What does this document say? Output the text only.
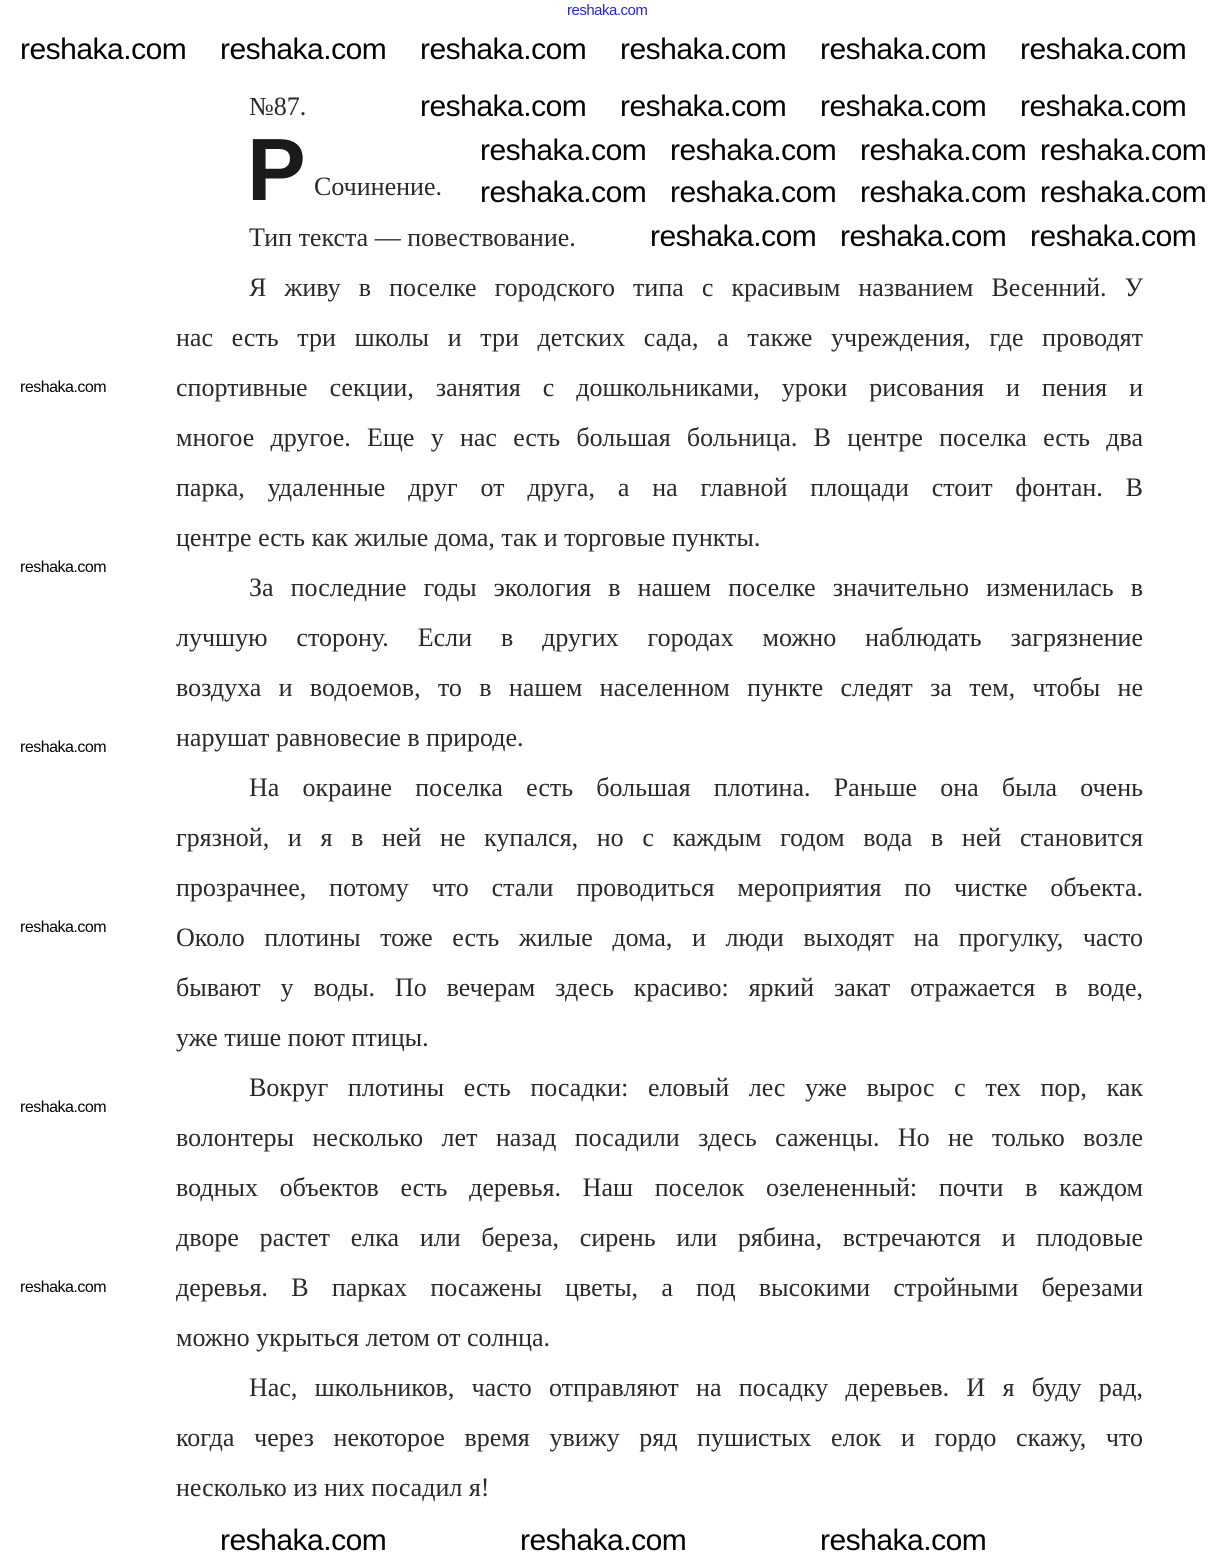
reshaka.com
№87.
Р Сочинение.
Тип текста — повествование.
Я живу в поселке городского типа с красивым названием Весенний. У
нас есть три школы и три детских сада, а также учреждения, где проводят
спортивные секции, занятия с дошкольниками, уроки рисования и пения и
многое другое. Еще у нас есть большая больница. В центре поселка есть два
парка, удаленные друг от друга, а на главной площади стоит фонтан. В
центре есть как жилые дома, так и торговые пункты.
За последние годы экология в нашем поселке значительно изменилась в
лучшую сторону. Если в других городах можно наблюдать загрязнение
воздуха и водоемов, то в нашем населенном пункте следят за тем, чтобы не
нарушат равновесие в природе.
На окраине поселка есть большая плотина. Раньше она была очень
грязной, и я в ней не купался, но с каждым годом вода в ней становится
прозрачнее, потому что стали проводиться мероприятия по чистке объекта.
Около плотины тоже есть жилые дома, и люди выходят на прогулку, часто
бывают у воды. По вечерам здесь красиво: яркий закат отражается в воде,
уже тише поют птицы.
Вокруг плотины есть посадки: еловый лес уже вырос с тех пор, как
волонтеры несколько лет назад посадили здесь саженцы. Но не только возле
водных объектов есть деревья. Наш поселок озелененный: почти в каждом
дворе растет елка или береза, сирень или рябина, встречаются и плодовые
деревья. В парках посажены цветы, а под высокими стройными березами
можно укрыться летом от солнца.
Нас, школьников, часто отправляют на посадку деревьев. И я буду рад,
когда через некоторое время увижу ряд пушистых елок и гордо скажу, что
несколько из них посадил я!
reshaka.com reshaka.com reshaka.com reshaka.com reshaka.com reshaka.com
reshaka.com reshaka.com reshaka.com reshaka.com
reshaka.com reshaka.com reshaka.com reshaka.com
reshaka.com reshaka.com reshaka.com reshaka.com
reshaka.com reshaka.com reshaka.com
reshaka.com	reshaka.com	reshaka.com
reshaka.com
reshaka.com
reshaka.com
reshaka.com
reshaka.com
reshaka.com
